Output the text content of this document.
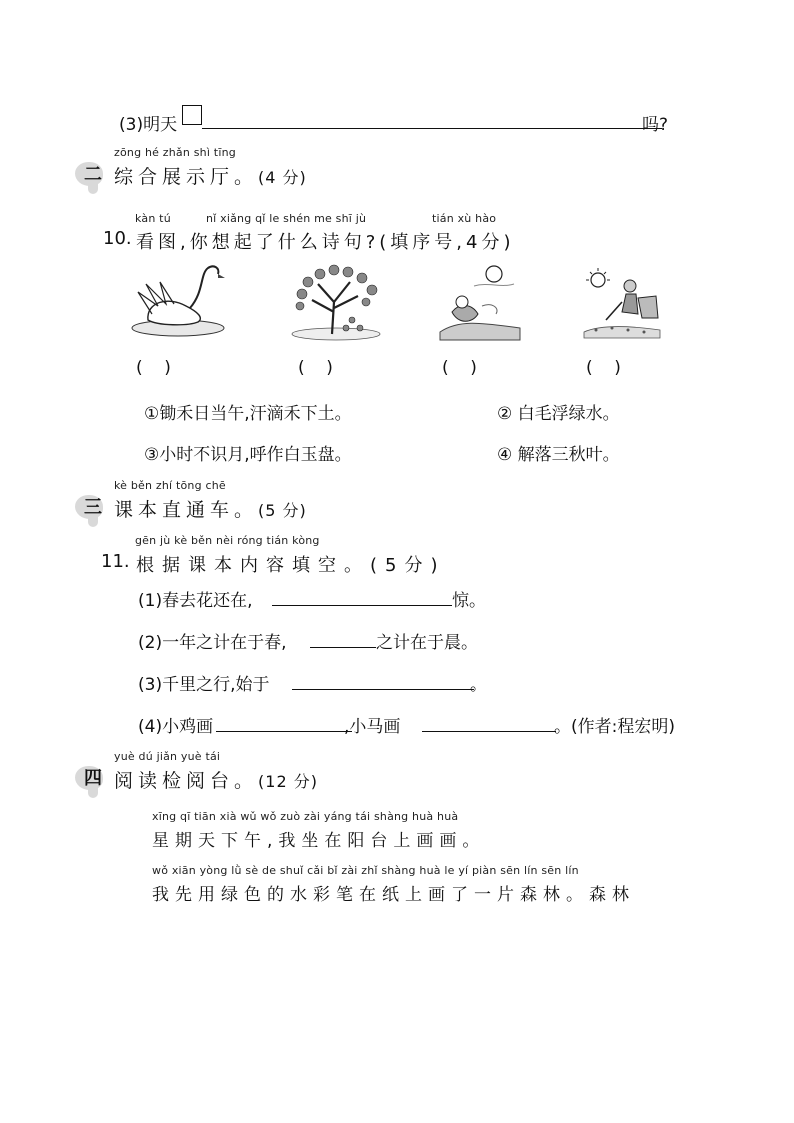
(3)明天	吗?
zōng hé zhǎn shì tīng
二 综合展示厅。(4 分)
kàn tú	nǐ xiǎng qǐ le shén me shī jù	tián xù hào
10. 看图,你想起了什么诗句?(填序号,4分)
(    )	(    )	(    )	(    )
①锄禾日当午,汗滴禾下土。	② 白毛浮绿水。
③小时不识月,呼作白玉盘。	④ 解落三秋叶。
kè běn zhí tōng chē
三 课本直通车。(5 分)
gēn jù kè běn nèi róng tián kòng
11. 根据课本内容填空。(5分)
(1)春去花还在,	惊。
(2)一年之计在于春,	之计在于晨。
(3)千里之行,始于	。
(4)小鸡画	,小马画	。(作者:程宏明)
yuè dú jiǎn yuè tái
四 阅读检阅台。(12 分)
xīng qī tiān xià wǔ wǒ zuò zài yáng tái shàng huà huà
星期天下午,我坐在阳台上画画。
wǒ xiān yòng lǜ sè de shuǐ cǎi bǐ zài zhǐ shàng huà le yí piàn sēn lín sēn lín
我先用绿色的水彩笔在纸上画了一片森林。森林
